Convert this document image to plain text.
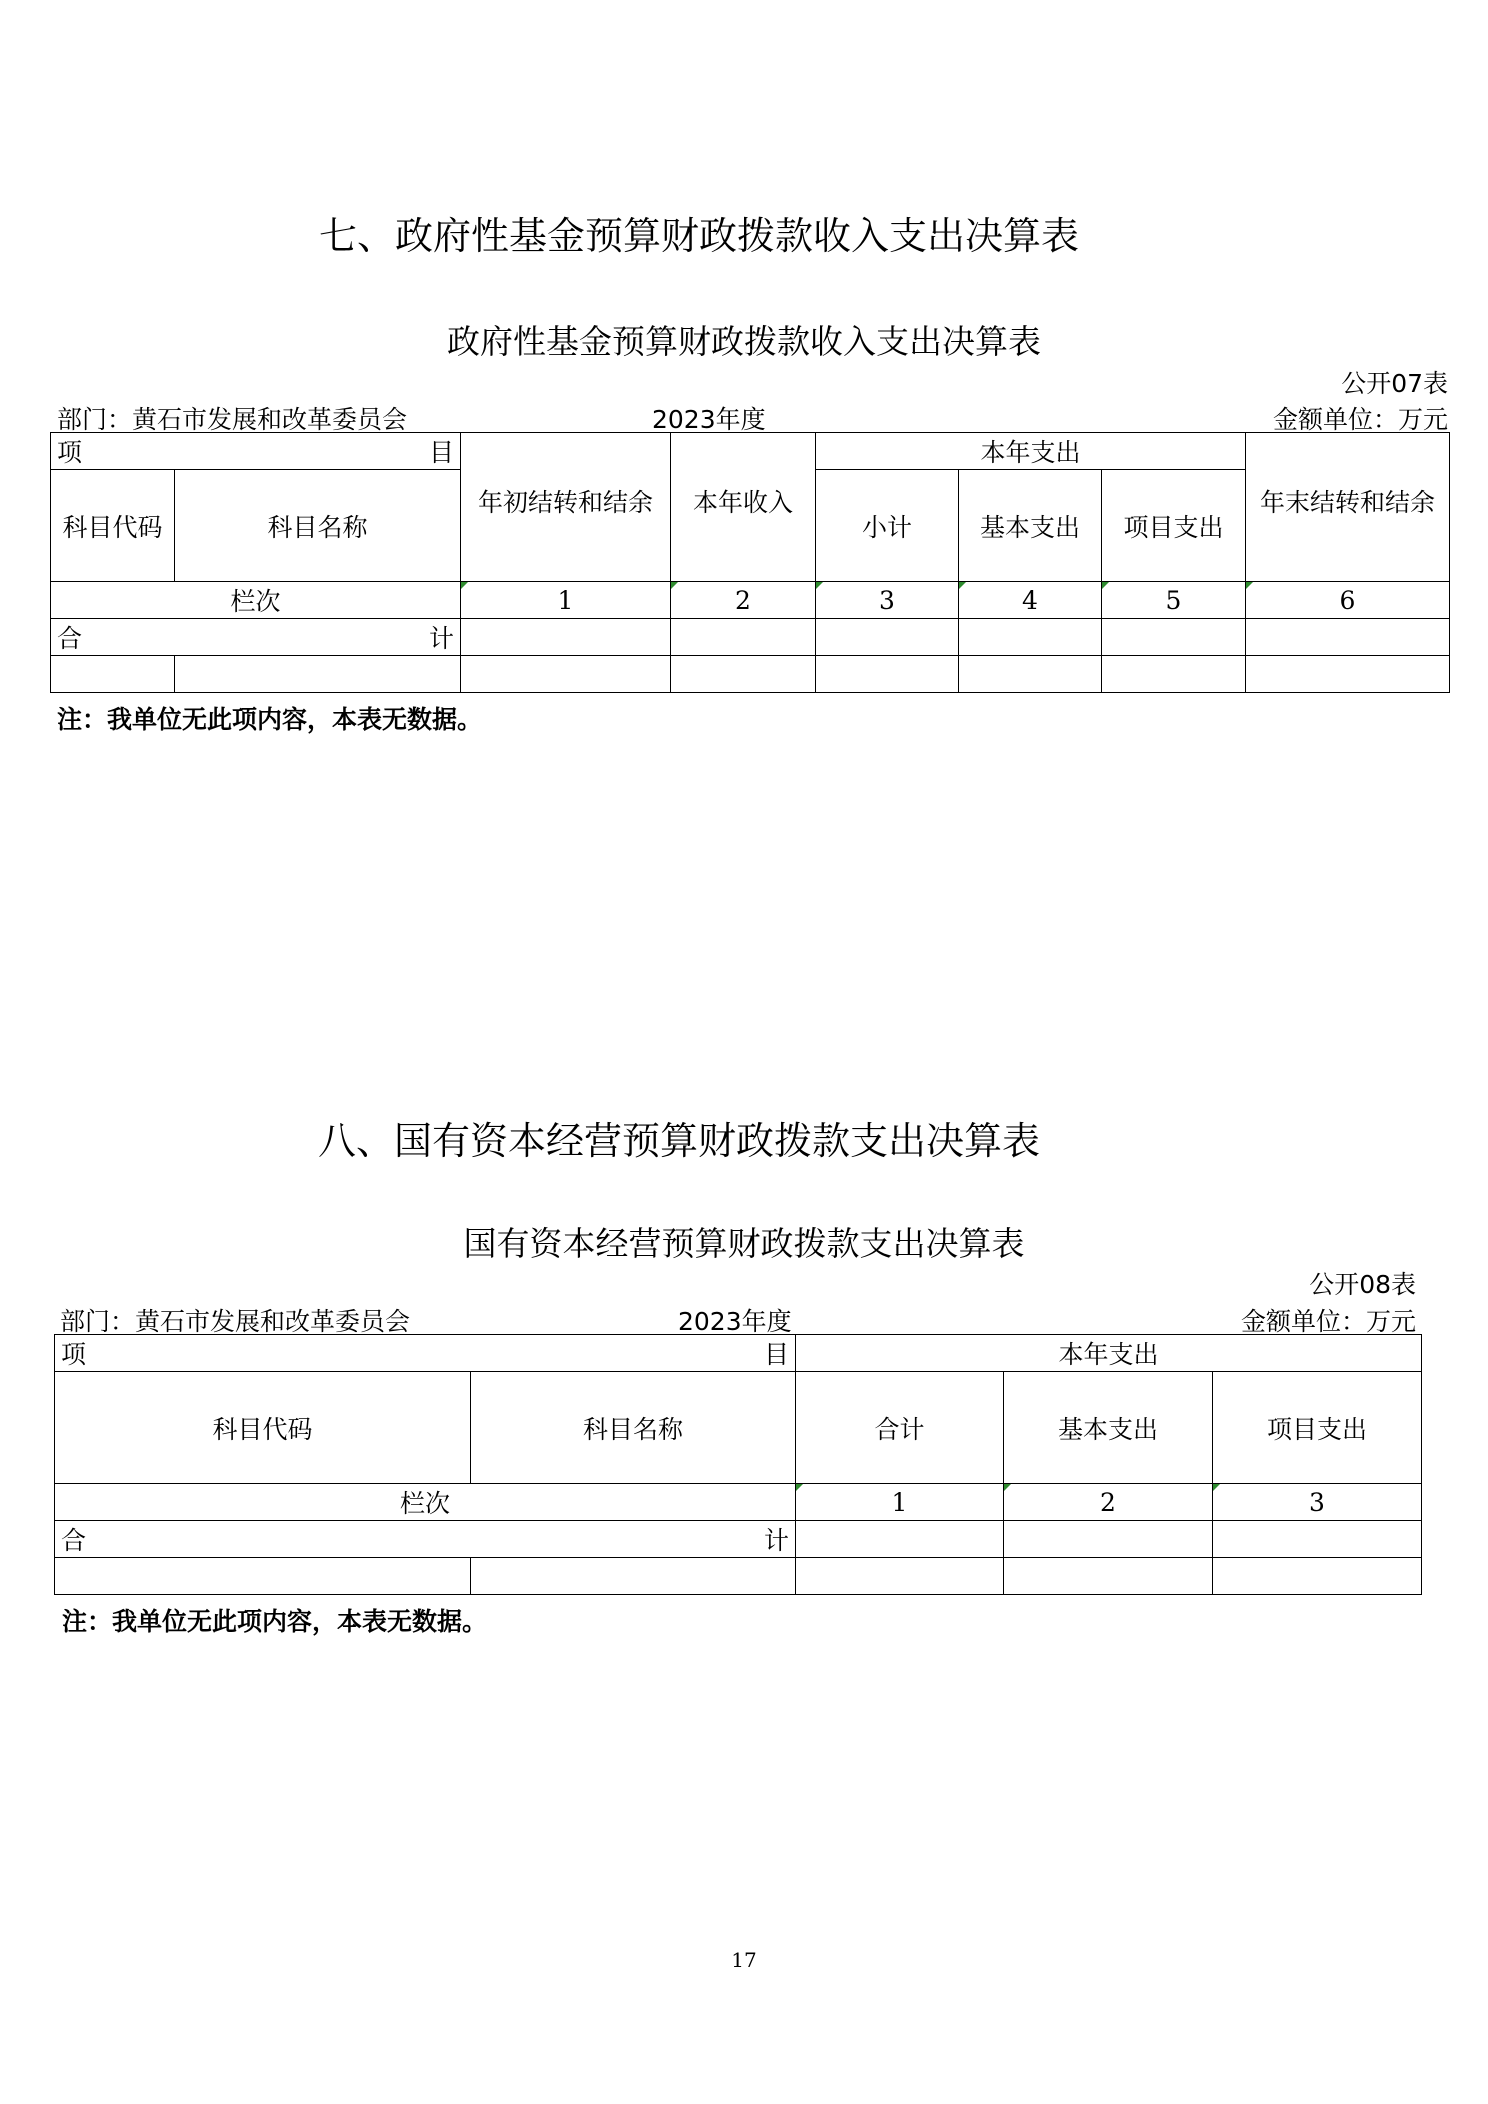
七、政府性基金预算财政拨款收入支出决算表
政府性基金预算财政拨款收入支出决算表
公开07表
部门：黄石市发展和改革委员会	2023年度	金额单位：万元
项 目		年初结转和结余	本年收入	本年支出			年末结转和结余
科目代码	科目名称			小计	基本支出	项目支出	
栏次		1	2	3	4	5	6

合 计							

注：我单位无此项内容，本表无数据。
八、国有资本经营预算财政拨款支出决算表
国有资本经营预算财政拨款支出决算表
公开08表
部门：黄石市发展和改革委员会	2023年度	金额单位：万元
项 目		本年支出		
科目代码	科目名称	合计	基本支出	项目支出
栏次		1	2	3

合 计				

注：我单位无此项内容，本表无数据。
17
